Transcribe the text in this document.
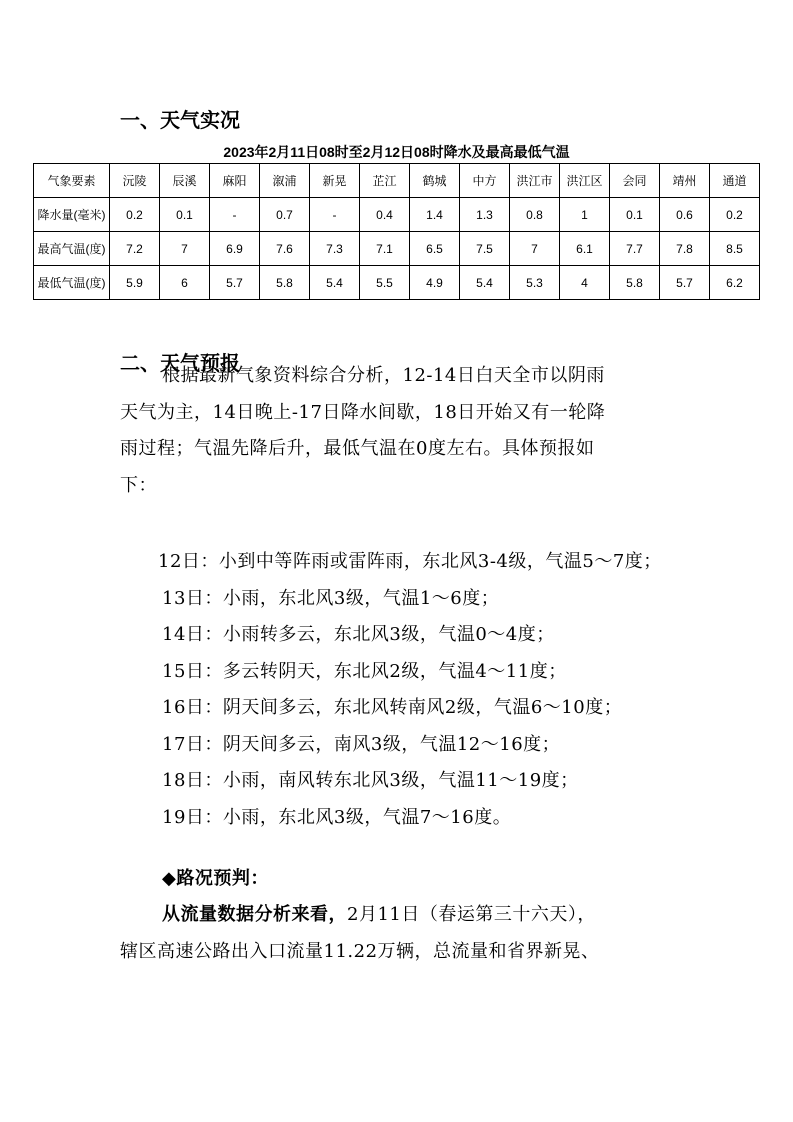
一、天气实况
2023年2月11日08时至2月12日08时降水及最高最低气温
气象要素	沅陵	辰溪	麻阳	溆浦	新晃	芷江	鹤城	中方	洪江市	洪江区	会同	靖州	通道
降水量(毫米)	0.2	0.1	-	0.7	-	0.4	1.4	1.3	0.8	1	0.1	0.6	0.2
最高气温(度)	7.2	7	6.9	7.6	7.3	7.1	6.5	7.5	7	6.1	7.7	7.8	8.5
最低气温(度)	5.9	6	5.7	5.8	5.4	5.5	4.9	5.4	5.3	4	5.8	5.7	6.2
二、天气预报
根据最新气象资料综合分析，12-14日白天全市以阴雨
天气为主，14日晚上-17日降水间歇，18日开始又有一轮降
雨过程；气温先降后升，最低气温在0度左右。具体预报如
下：
12日：小到中等阵雨或雷阵雨，东北风3-4级，气温5～7度；
13日：小雨，东北风3级，气温1～6度；
14日：小雨转多云，东北风3级，气温0～4度；
15日：多云转阴天，东北风2级，气温4～11度；
16日：阴天间多云，东北风转南风2级，气温6～10度；
17日：阴天间多云，南风3级，气温12～16度；
18日：小雨，南风转东北风3级，气温11～19度；
19日：小雨，东北风3级，气温7～16度。
◆路况预判：
从流量数据分析来看，2月11日（春运第三十六天），
辖区高速公路出入口流量11.22万辆，总流量和省界新晃、
